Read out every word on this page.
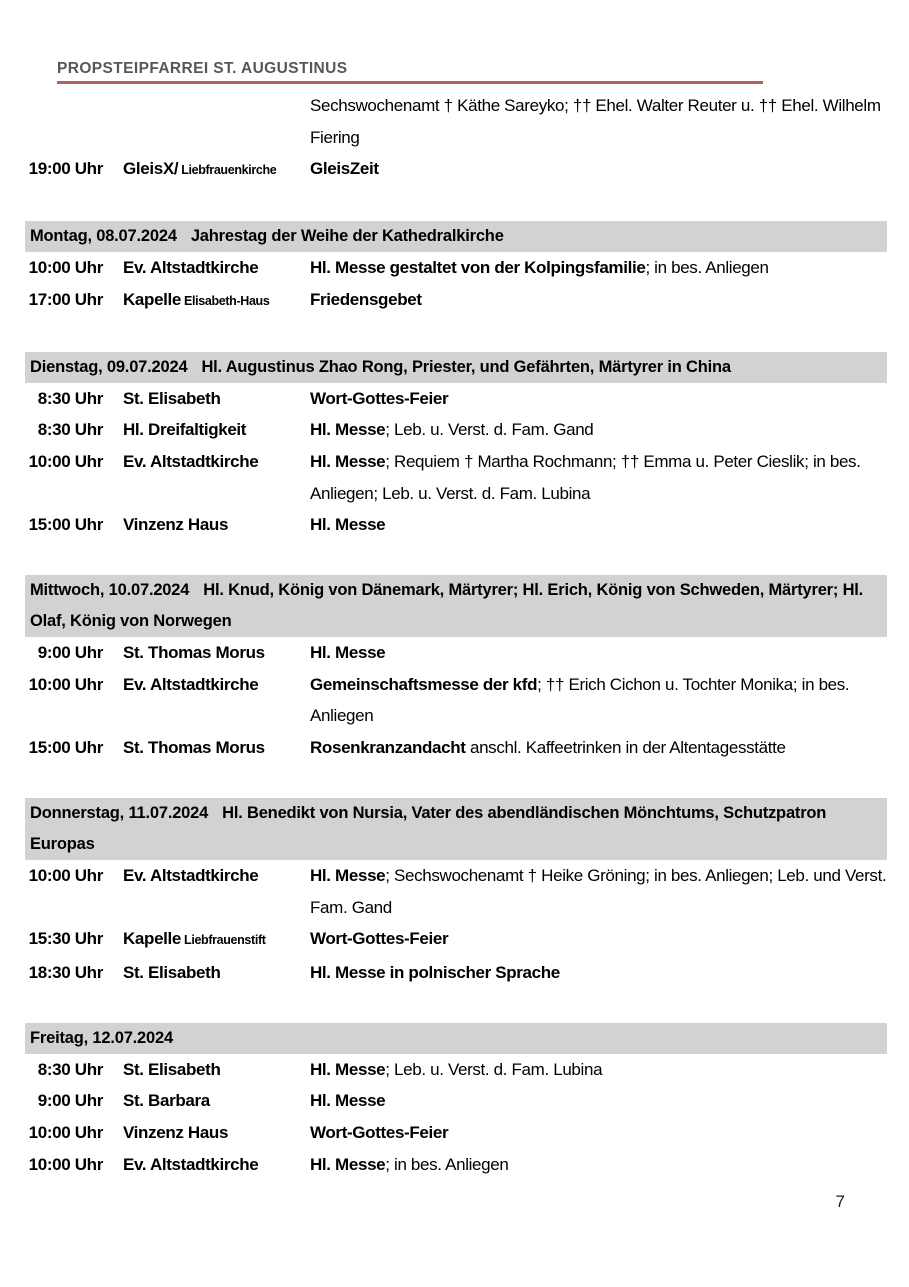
PROPSTEIPFARREI ST. AUGUSTINUS
Sechswochenamt † Käthe Sareyko; †† Ehel. Walter Reuter u. †† Ehel. Wilhelm Fiering
19:00 Uhr GleisX/ Liebfrauenkirche	GleisZeit
Montag, 08.07.2024 Jahrestag der Weihe der Kathedralkirche
10:00 Uhr Ev. Altstadtkirche	Hl. Messe gestaltet von der Kolpingsfamilie; in bes. Anliegen
17:00 Uhr Kapelle Elisabeth-Haus	Friedensgebet
Dienstag, 09.07.2024 Hl. Augustinus Zhao Rong, Priester, und Gefährten, Märtyrer in China
8:30 Uhr St. Elisabeth	Wort-Gottes-Feier
8:30 Uhr Hl. Dreifaltigkeit	Hl. Messe; Leb. u. Verst. d. Fam. Gand
10:00 Uhr Ev. Altstadtkirche	Hl. Messe; Requiem † Martha Rochmann; †† Emma u. Peter Cieslik; in bes. Anliegen; Leb. u. Verst. d. Fam. Lubina
15:00 Uhr Vinzenz Haus	Hl. Messe
Mittwoch, 10.07.2024 Hl. Knud, König von Dänemark, Märtyrer; Hl. Erich, König von Schweden, Märtyrer; Hl. Olaf, König von Norwegen
9:00 Uhr St. Thomas Morus	Hl. Messe
10:00 Uhr Ev. Altstadtkirche	Gemeinschaftsmesse der kfd; †† Erich Cichon u. Tochter Monika; in bes. Anliegen
15:00 Uhr St. Thomas Morus	Rosenkranzandacht anschl. Kaffeetrinken in der Altentagesstätte
Donnerstag, 11.07.2024 Hl. Benedikt von Nursia, Vater des abendländischen Mönchtums, Schutzpatron Europas
10:00 Uhr Ev. Altstadtkirche	Hl. Messe; Sechswochenamt † Heike Gröning; in bes. Anliegen; Leb. und Verst. Fam. Gand
15:30 Uhr Kapelle Liebfrauenstift	Wort-Gottes-Feier
18:30 Uhr St. Elisabeth	Hl. Messe in polnischer Sprache
Freitag, 12.07.2024
8:30 Uhr St. Elisabeth	Hl. Messe; Leb. u. Verst. d. Fam. Lubina
9:00 Uhr St. Barbara	Hl. Messe
10:00 Uhr Vinzenz Haus	Wort-Gottes-Feier
10:00 Uhr Ev. Altstadtkirche	Hl. Messe; in bes. Anliegen
7
